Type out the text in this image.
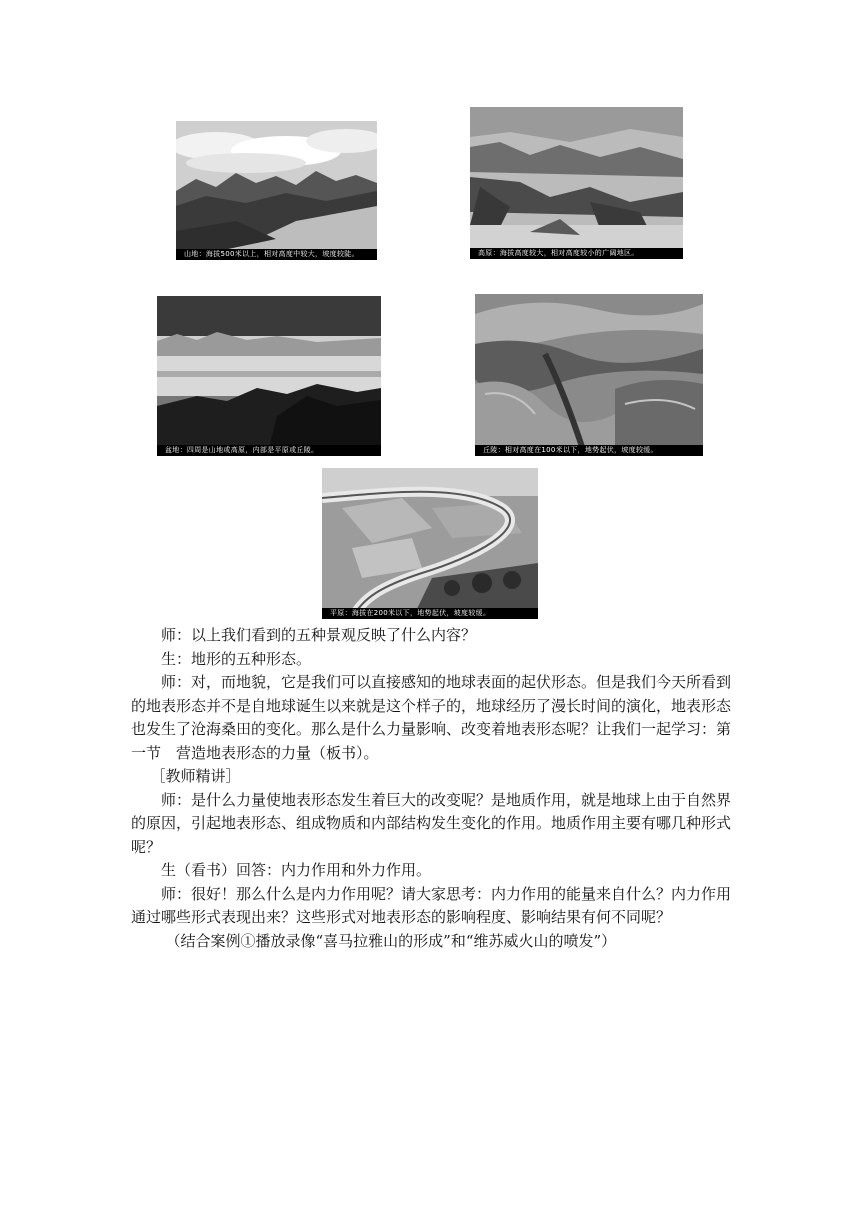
山地：海拔500米以上，相对高度中较大，坡度较陡。	高原：海拔高度较大，相对高度较小的广阔地区。
盆地：四周是山地或高原，内部是平原或丘陵。	丘陵：相对高度在100米以下，地势起伏，坡度较缓。
平原：海拔在200米以下，地势起伏，坡度较缓。

师：以上我们看到的五种景观反映了什么内容？

生：地形的五种形态。

师：对，而地貌，它是我们可以直接感知的地球表面的起伏形态。但是我们今天所看到的地表形态并不是自地球诞生以来就是这个样子的，地球经历了漫长时间的演化，地表形态也发生了沧海桑田的变化。那么是什么力量影响、改变着地表形态呢？让我们一起学习：第一节　营造地表形态的力量（板书）。

［教师精讲］

师：是什么力量使地表形态发生着巨大的改变呢？是地质作用，就是地球上由于自然界的原因，引起地表形态、组成物质和内部结构发生变化的作用。地质作用主要有哪几种形式呢？

生（看书）回答：内力作用和外力作用。

师：很好！那么什么是内力作用呢？请大家思考：内力作用的能量来自什么？内力作用通过哪些形式表现出来？这些形式对地表形态的影响程度、影响结果有何不同呢？

（结合案例①播放录像“喜马拉雅山的形成”和“维苏威火山的喷发”）
